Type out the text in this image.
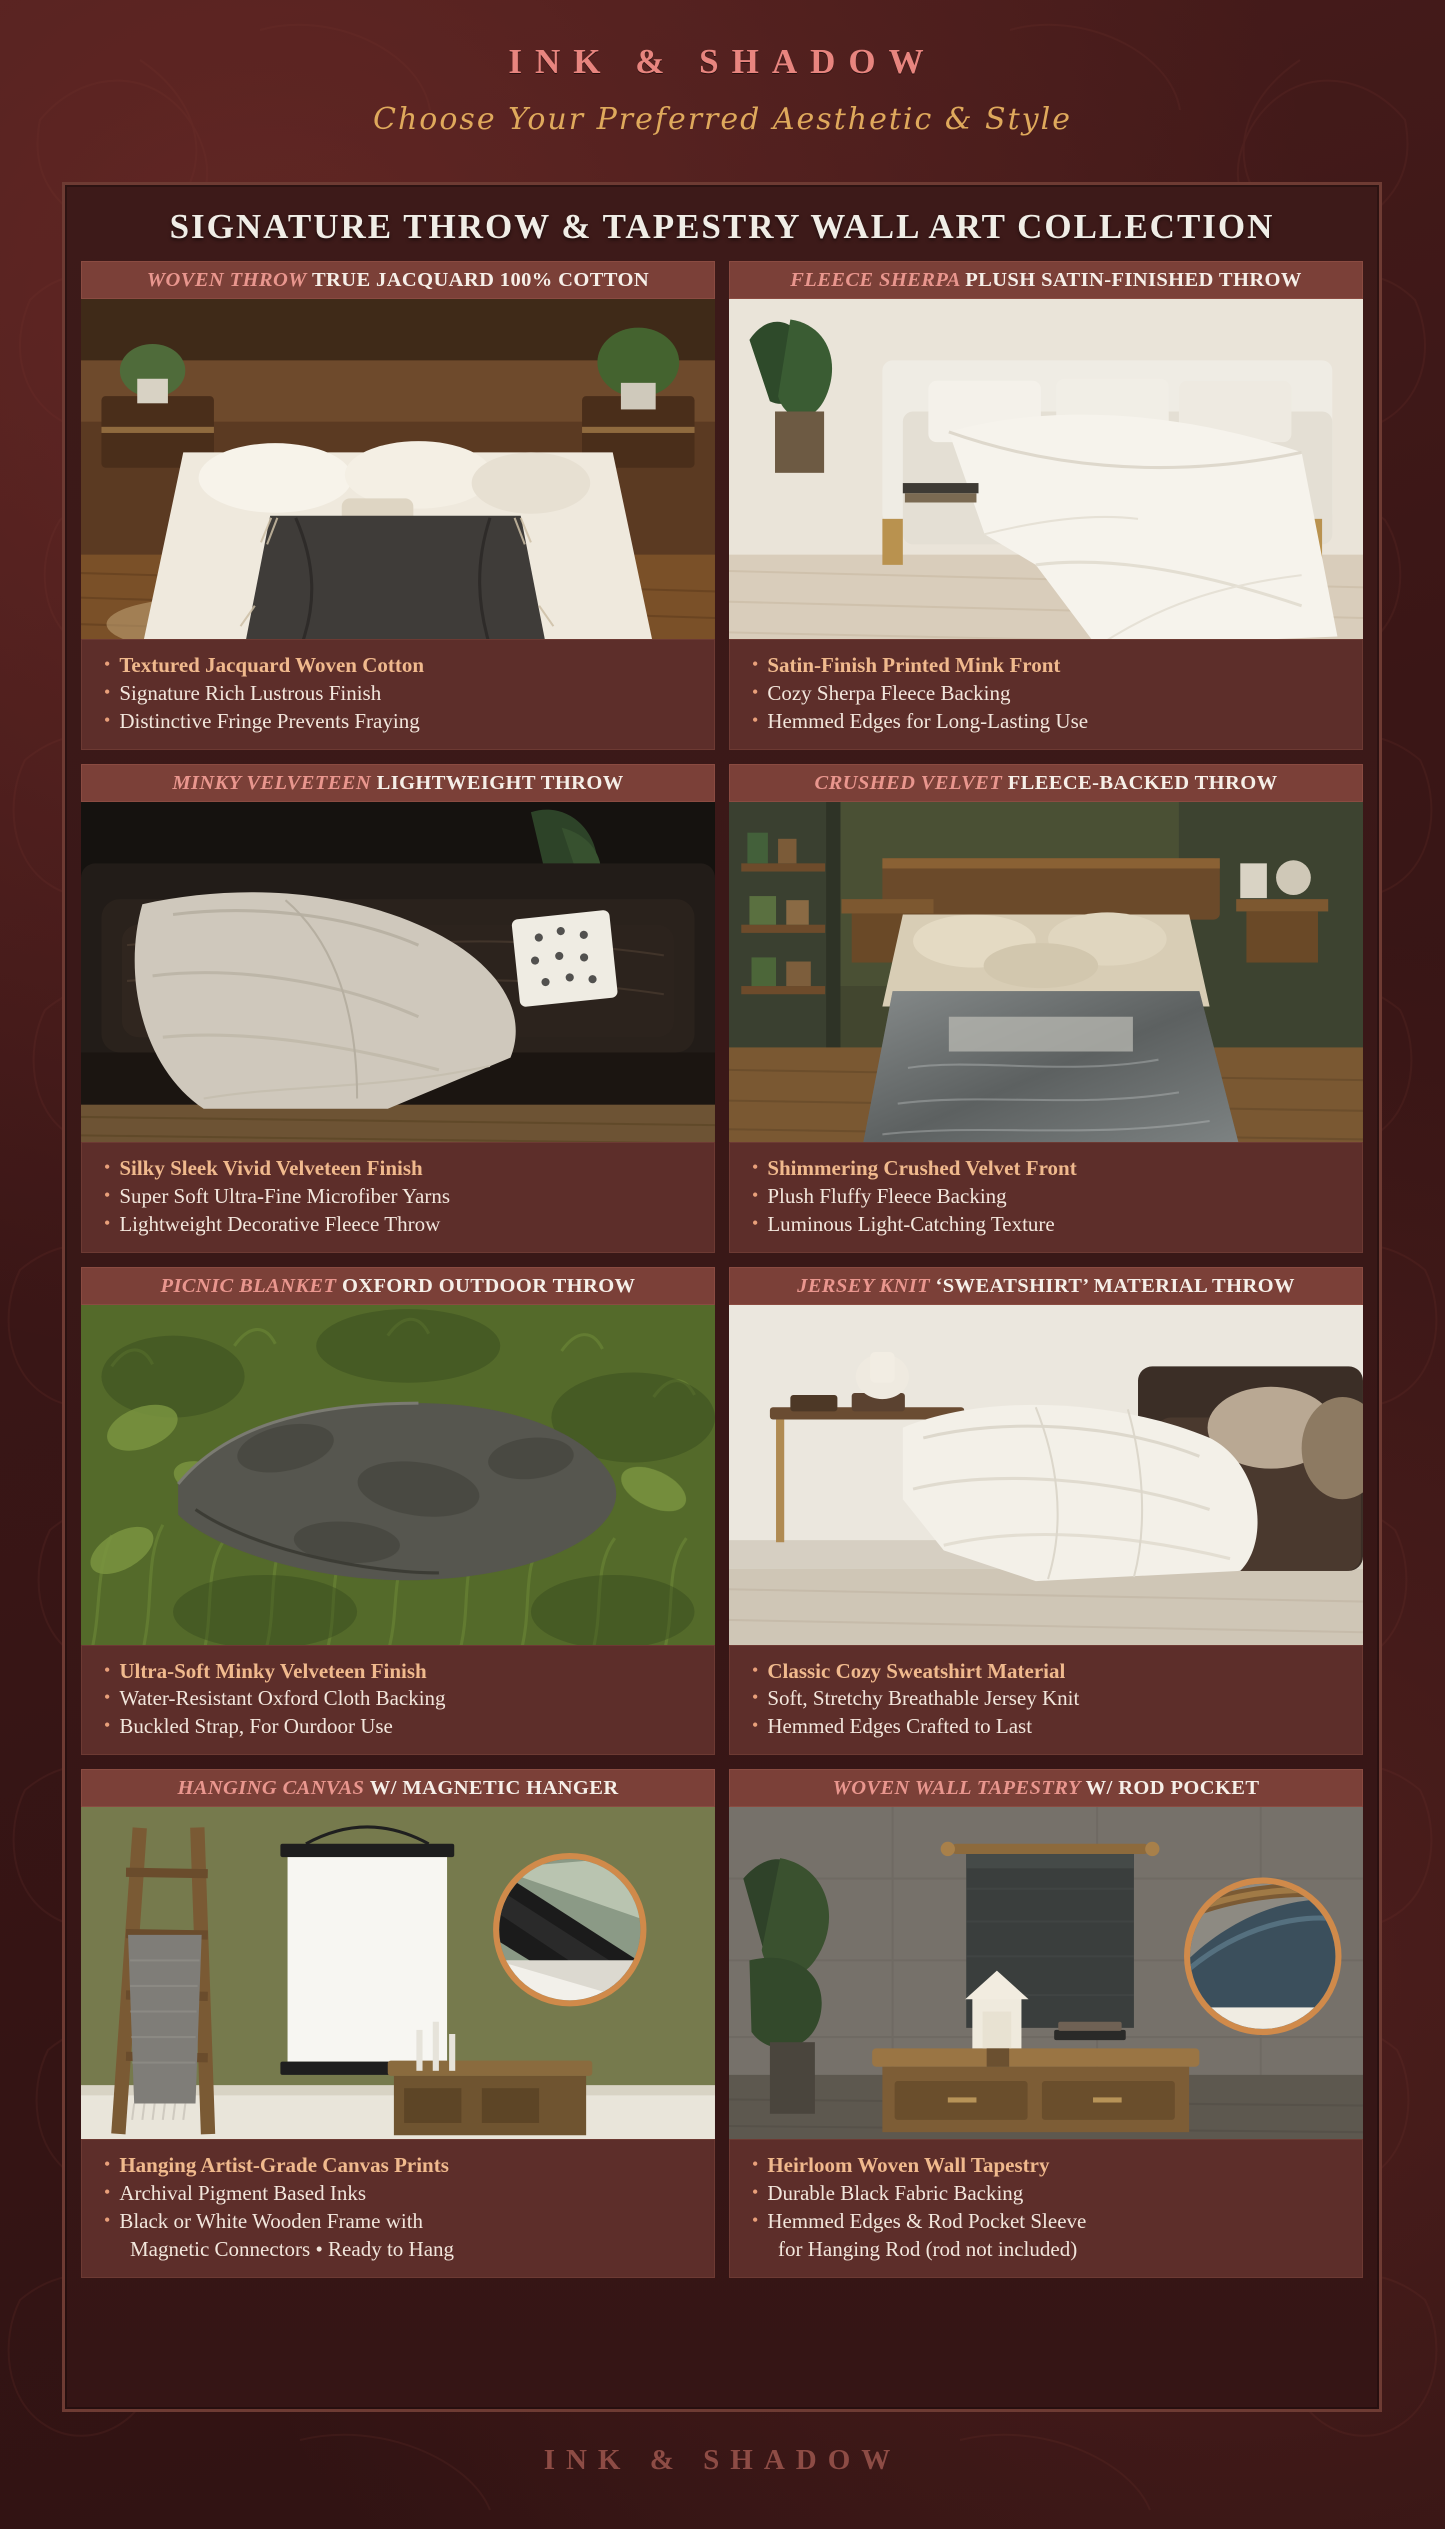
INK & SHADOW
Choose Your Preferred Aesthetic & Style
SIGNATURE THROW & TAPESTRY WALL ART COLLECTION
WOVEN THROW TRUE JACQUARD 100% COTTON
• Textured Jacquard Woven Cotton
• Signature Rich Lustrous Finish
• Distinctive Fringe Prevents Fraying
FLEECE SHERPA PLUSH SATIN-FINISHED THROW
• Satin-Finish Printed Mink Front
• Cozy Sherpa Fleece Backing
• Hemmed Edges for Long-Lasting Use
MINKY VELVETEEN LIGHTWEIGHT THROW
• Silky Sleek Vivid Velveteen Finish
• Super Soft Ultra-Fine Microfiber Yarns
• Lightweight Decorative Fleece Throw
CRUSHED VELVET FLEECE-BACKED THROW
• Shimmering Crushed Velvet Front
• Plush Fluffy Fleece Backing
• Luminous Light-Catching Texture
PICNIC BLANKET OXFORD OUTDOOR THROW
• Ultra-Soft Minky Velveteen Finish
• Water-Resistant Oxford Cloth Backing
• Buckled Strap, For Ourdoor Use
JERSEY KNIT ‘SWEATSHIRT’ MATERIAL THROW
• Classic Cozy Sweatshirt Material
• Soft, Stretchy Breathable Jersey Knit
• Hemmed Edges Crafted to Last
HANGING CANVAS W/ MAGNETIC HANGER
• Hanging Artist-Grade Canvas Prints
• Archival Pigment Based Inks
• Black or White Wooden Frame with
Magnetic Connectors • Ready to Hang
WOVEN WALL TAPESTRY W/ ROD POCKET
• Heirloom Woven Wall Tapestry
• Durable Black Fabric Backing
• Hemmed Edges & Rod Pocket Sleeve
for Hanging Rod (rod not included)
INK & SHADOW
